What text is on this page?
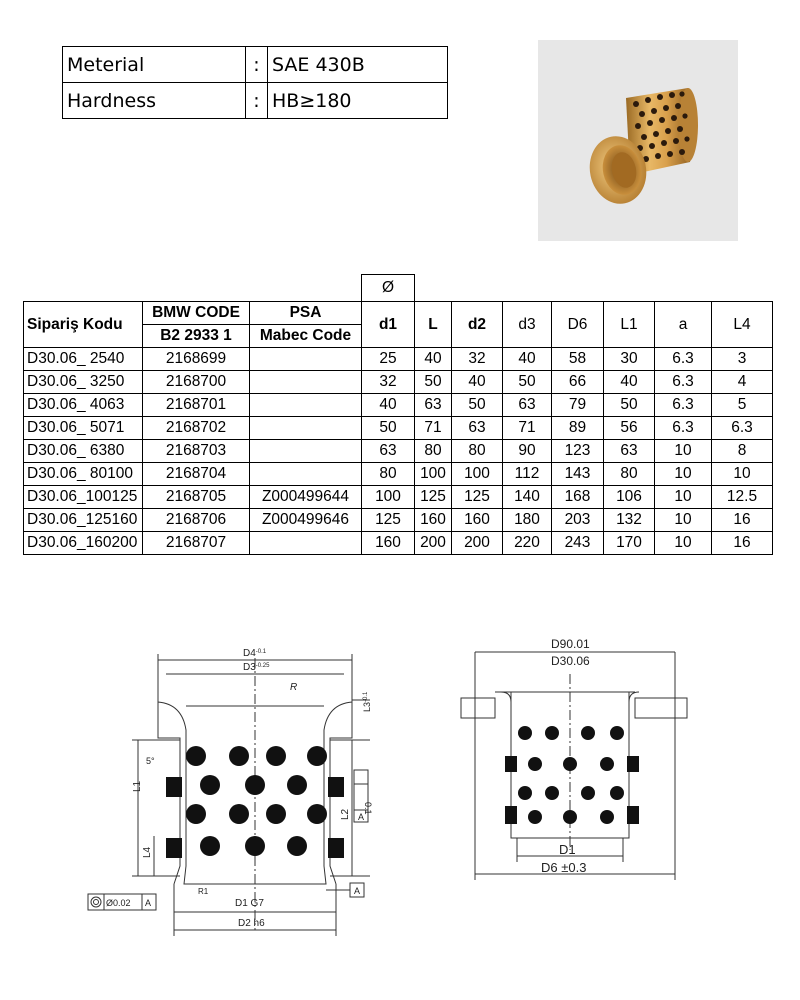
Meterial	:	SAE 430B
Hardness	:	HB≥180
			Ø							
Sipariş Kodu	BMW CODE	PSA	d1	L	d2	d3	D6	L1	a	L4
	B2 2933 1	Mabec Code								
D30.06_ 2540	2168699		25	40	32	40	58	30	6.3	3
D30.06_ 3250	2168700		32	50	40	50	66	40	6.3	4
D30.06_ 4063	2168701		40	63	50	63	79	50	6.3	5
D30.06_ 5071	2168702		50	71	63	71	89	56	6.3	6.3
D30.06_ 6380	2168703		63	80	80	90	123	63	10	8
D30.06_ 80100	2168704		80	100	100	112	143	80	10	10
D30.06_100125	2168705	Z000499644	100	125	125	140	168	106	10	12.5
D30.06_125160	2168706	Z000499646	125	160	160	180	203	132	10	16
D30.06_160200	2168707		160	200	200	220	243	170	10	16
$D4^{-0.1}$
$D3^{-0.25}$
R
$L3^{-0.1}$
5°
L1
L2
L4
R1
D1 G7
D2 h6
0.1
A
A
Ø0.02 A
D90.01
D30.06
D1
D6 ±0.3
